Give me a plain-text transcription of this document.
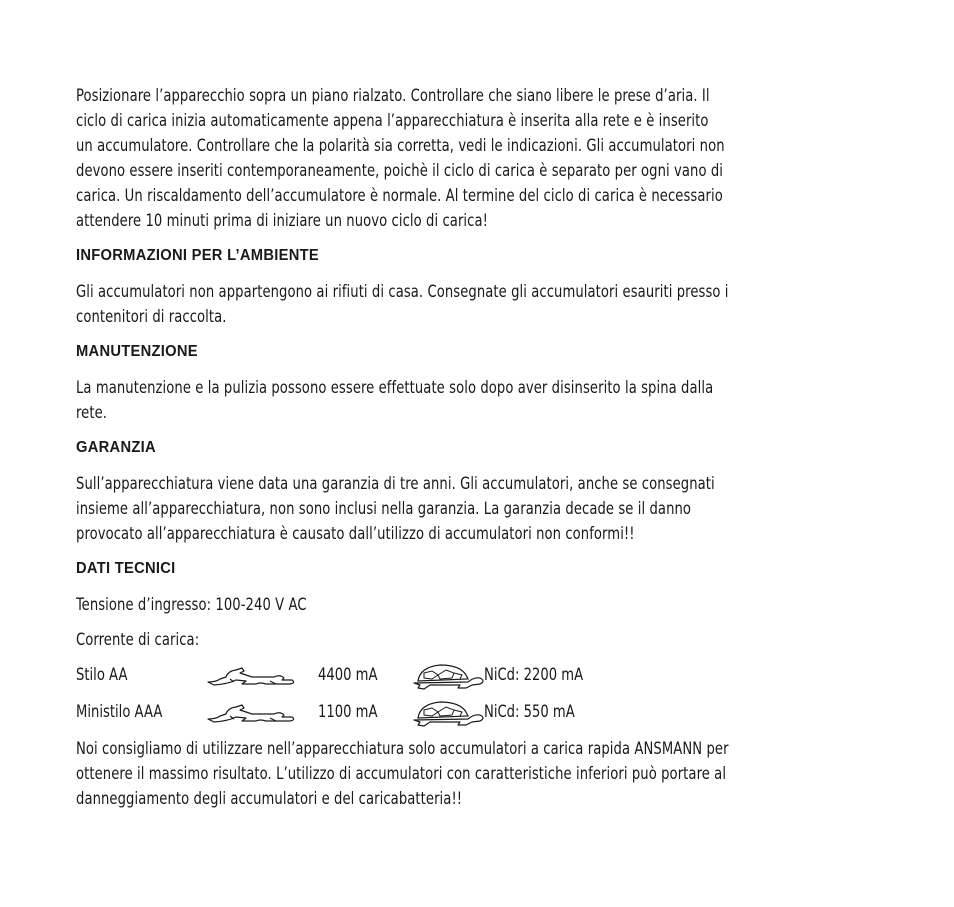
Posizionare l’apparecchio sopra un piano rialzato. Controllare che siano libere le prese d’aria. Il
ciclo di carica inizia automaticamente appena l’apparecchiatura è inserita alla rete e è inserito
un accumulatore. Controllare che la polarità sia corretta, vedi le indicazioni. Gli accumulatori non
devono essere inseriti contemporaneamente, poichè il ciclo di carica è separato per ogni vano di
carica. Un riscaldamento dell’accumulatore è normale. Al termine del ciclo di carica è necessario
attendere 10 minuti prima di iniziare un nuovo ciclo di carica!

INFORMAZIONI PER L’AMBIENTE

Gli accumulatori non appartengono ai rifiuti di casa. Consegnate gli accumulatori esauriti presso i
contenitori di raccolta.

MANUTENZIONE

La manutenzione e la pulizia possono essere effettuate solo dopo aver disinserito la spina dalla
rete.

GARANZIA

Sull’apparecchiatura viene data una garanzia di tre anni. Gli accumulatori, anche se consegnati
insieme all’apparecchiatura, non sono inclusi nella garanzia. La garanzia decade se il danno
provocato all’apparecchiatura è causato dall’utilizzo di accumulatori non conformi!!

DATI TECNICI

Tensione d’ingresso: 100-240 V AC

Corrente di carica:

Stilo AA	4400 mA	NiCd: 2200 mA
Ministilo AAA	1100 mA	NiCd: 550 mA

Noi consigliamo di utilizzare nell’apparecchiatura solo accumulatori a carica rapida ANSMANN per
ottenere il massimo risultato. L’utilizzo di accumulatori con caratteristiche inferiori può portare al
danneggiamento degli accumulatori e del caricabatteria!!
